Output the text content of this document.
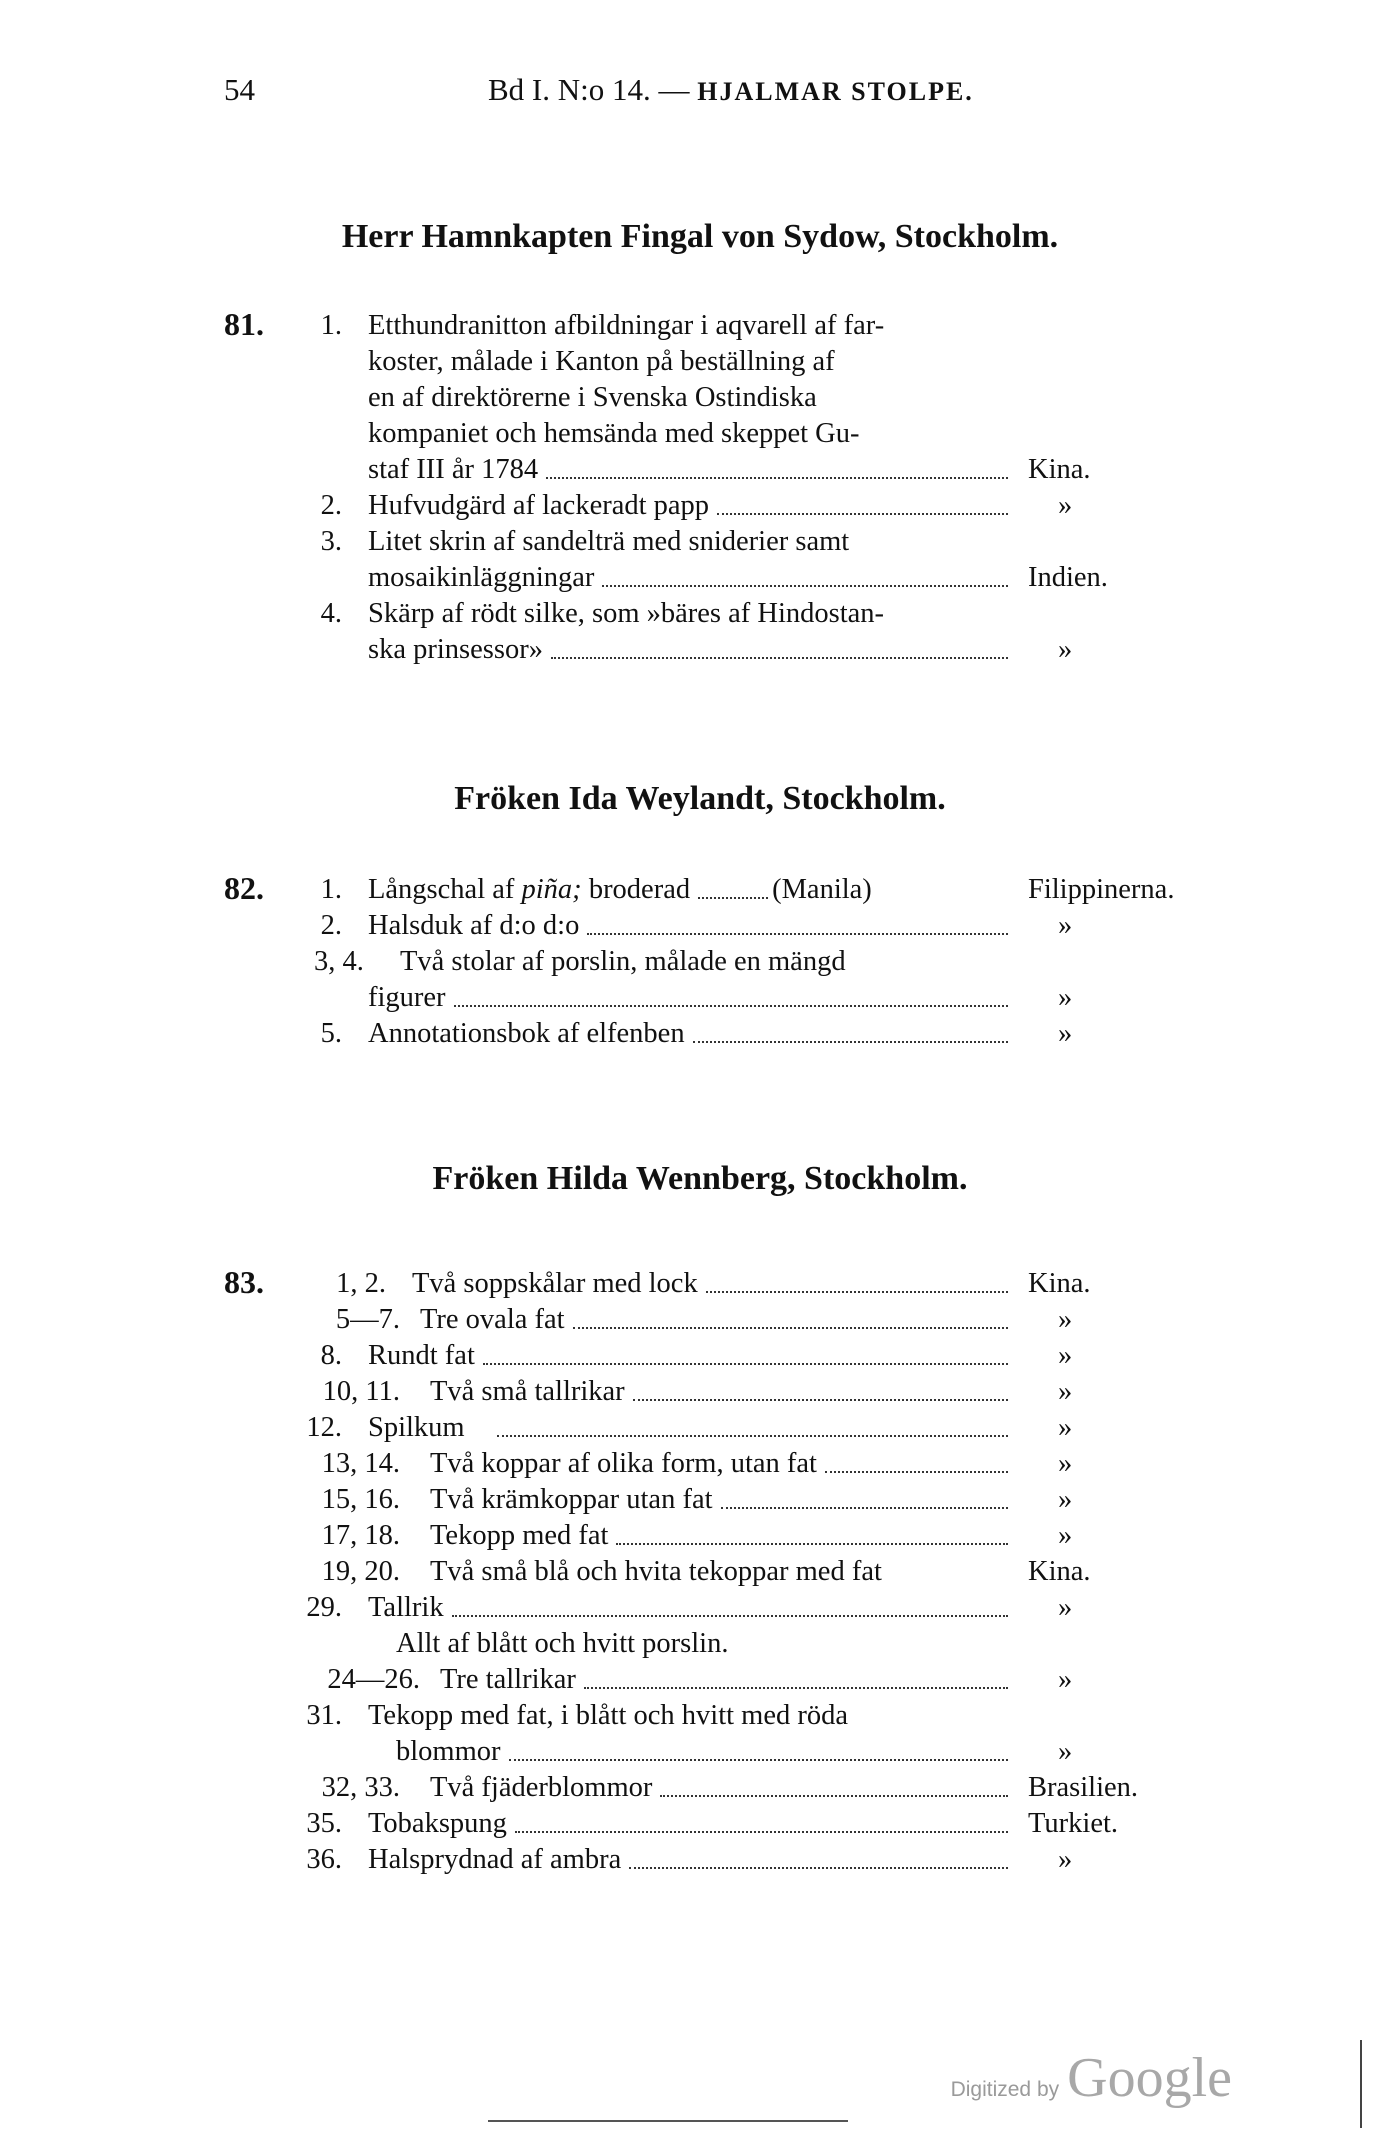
54	Bd I. N:o 14. — HJALMAR STOLPE.
Herr Hamnkapten Fingal von Sydow, Stockholm.
81.	1. Etthundranitton afbildningar i aqvarell af far-
koster, målade i Kanton på beställning af
en af direktörerne i Svenska Ostindiska
kompaniet och hemsända med skeppet Gu-
staf III år 1784	Kina.
2. Hufvudgärd af lackeradt papp	»
3. Litet skrin af sandelträ med sniderier samt
mosaikinläggningar	Indien.
4. Skärp af rödt silke, som »bäres af Hindostan-
ska prinsessor»	»
Fröken Ida Weylandt, Stockholm.
82.	1. Långschal af piña; broderad	(Manila)	Filippinerna.
2. Halsduk af d:o d:o	»
3, 4.	Två stolar af porslin, målade en mängd
figurer	»
5. Annotationsbok af elfenben	»
Fröken Hilda Wennberg, Stockholm.
83.	1, 2. Två soppskålar med lock	Kina.
5—7. Tre ovala fat	»
8. Rundt fat	»
10, 11. Två små tallrikar	»
12. Spilkum	»
13, 14. Två koppar af olika form, utan fat	»
15, 16. Två krämkoppar utan fat	»
17, 18. Tekopp med fat	»
19, 20. Två små blå och hvita tekoppar med fat	Kina.
29. Tallrik	»
Allt af blått och hvitt porslin.
24—26. Tre tallrikar	»
31. Tekopp med fat, i blått och hvitt med röda
blommor	»
32, 33. Två fjäderblommor	Brasilien.
35. Tobakspung	Turkiet.
36. Halsprydnad af ambra	»
Digitized by Google
